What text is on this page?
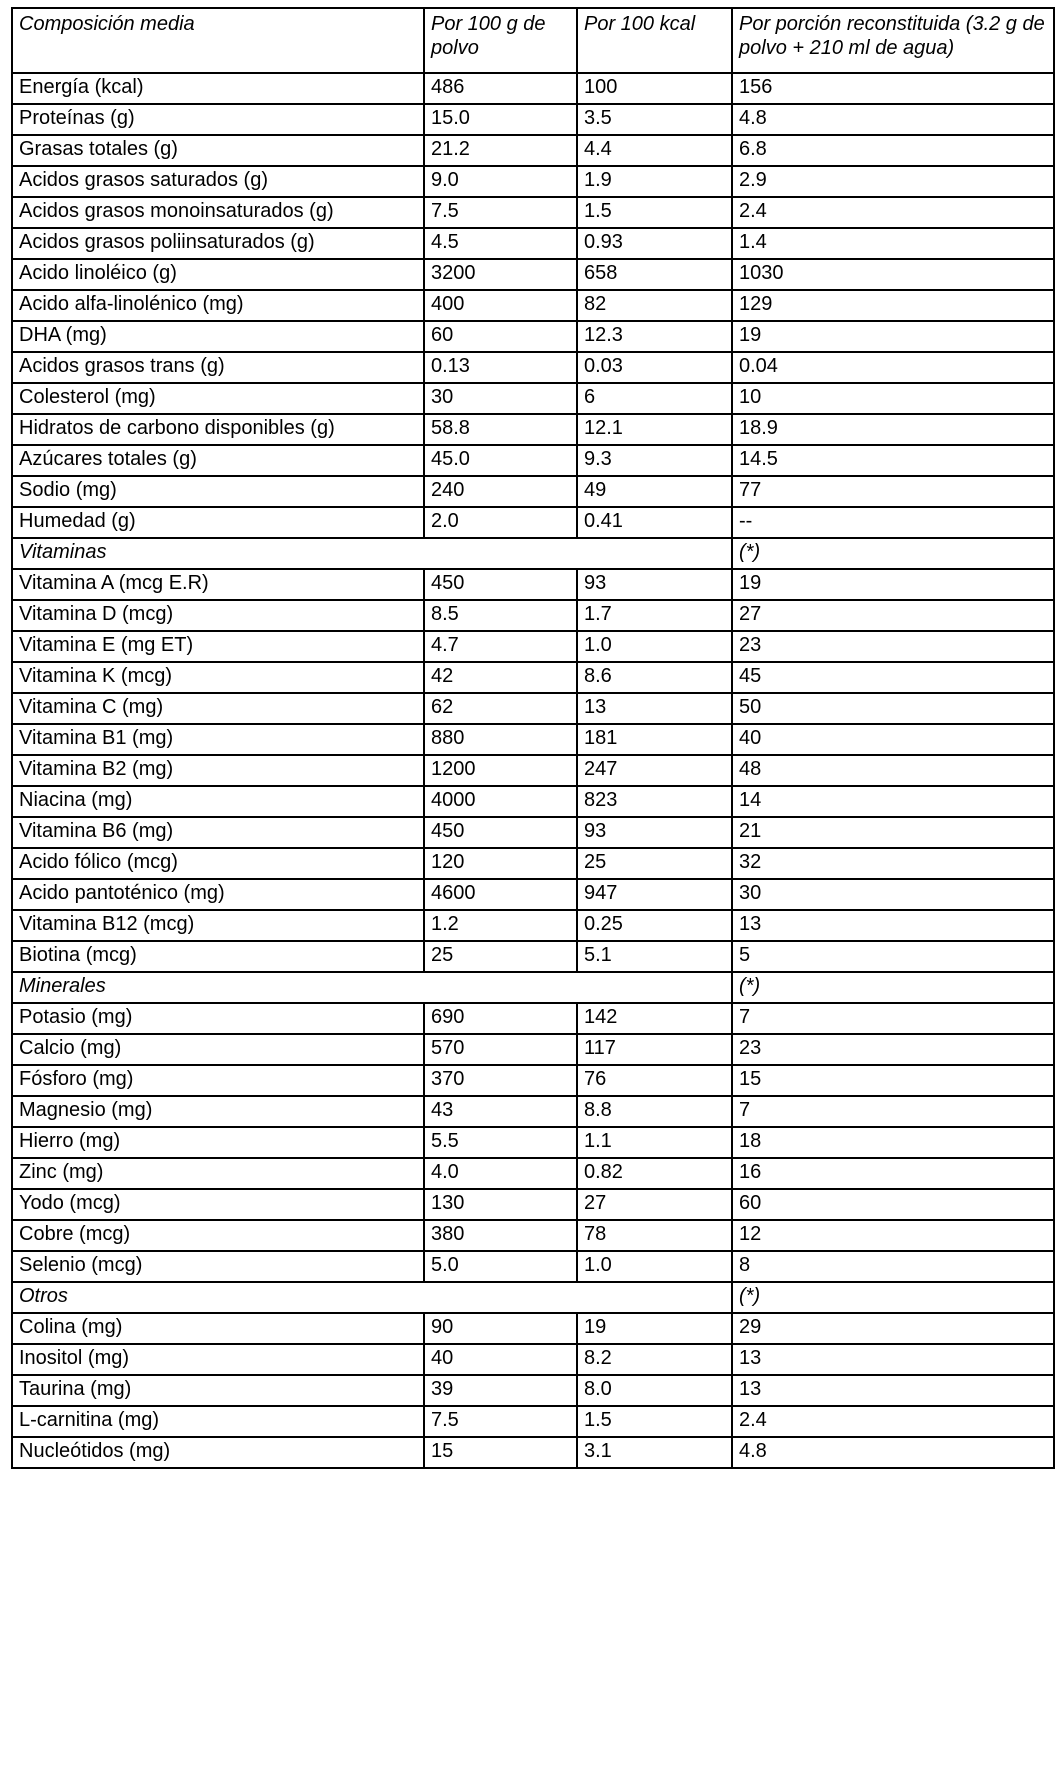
Composición media	Por 100 g de polvo	Por 100 kcal	Por porción reconstituida (3.2 g de polvo + 210 ml de agua)
Energía (kcal)	486	100	156
Proteínas (g)	15.0	3.5	4.8
Grasas totales (g)	21.2	4.4	6.8
Acidos grasos saturados (g)	9.0	1.9	2.9
Acidos grasos monoinsaturados (g)	7.5	1.5	2.4
Acidos grasos poliinsaturados (g)	4.5	0.93	1.4
Acido linoléico (g)	3200	658	1030
Acido alfa-linolénico (mg)	400	82	129
DHA (mg)	60	12.3	19
Acidos grasos trans (g)	0.13	0.03	0.04
Colesterol (mg)	30	6	10
Hidratos de carbono disponibles (g)	58.8	12.1	18.9
Azúcares totales (g)	45.0	9.3	14.5
Sodio (mg)	240	49	77
Humedad (g)	2.0	0.41	--
Vitaminas			(*)
Vitamina A (mcg E.R)	450	93	19
Vitamina D (mcg)	8.5	1.7	27
Vitamina E (mg ET)	4.7	1.0	23
Vitamina K (mcg)	42	8.6	45
Vitamina C (mg)	62	13	50
Vitamina B1 (mg)	880	181	40
Vitamina B2 (mg)	1200	247	48
Niacina (mg)	4000	823	14
Vitamina B6 (mg)	450	93	21
Acido fólico (mcg)	120	25	32
Acido pantoténico (mg)	4600	947	30
Vitamina B12 (mcg)	1.2	0.25	13
Biotina (mcg)	25	5.1	5
Minerales			(*)
Potasio (mg)	690	142	7
Calcio (mg)	570	117	23
Fósforo (mg)	370	76	15
Magnesio (mg)	43	8.8	7
Hierro (mg)	5.5	1.1	18
Zinc (mg)	4.0	0.82	16
Yodo (mcg)	130	27	60
Cobre (mcg)	380	78	12
Selenio (mcg)	5.0	1.0	8
Otros			(*)
Colina (mg)	90	19	29
Inositol (mg)	40	8.2	13
Taurina (mg)	39	8.0	13
L-carnitina (mg)	7.5	1.5	2.4
Nucleótidos (mg)	15	3.1	4.8
